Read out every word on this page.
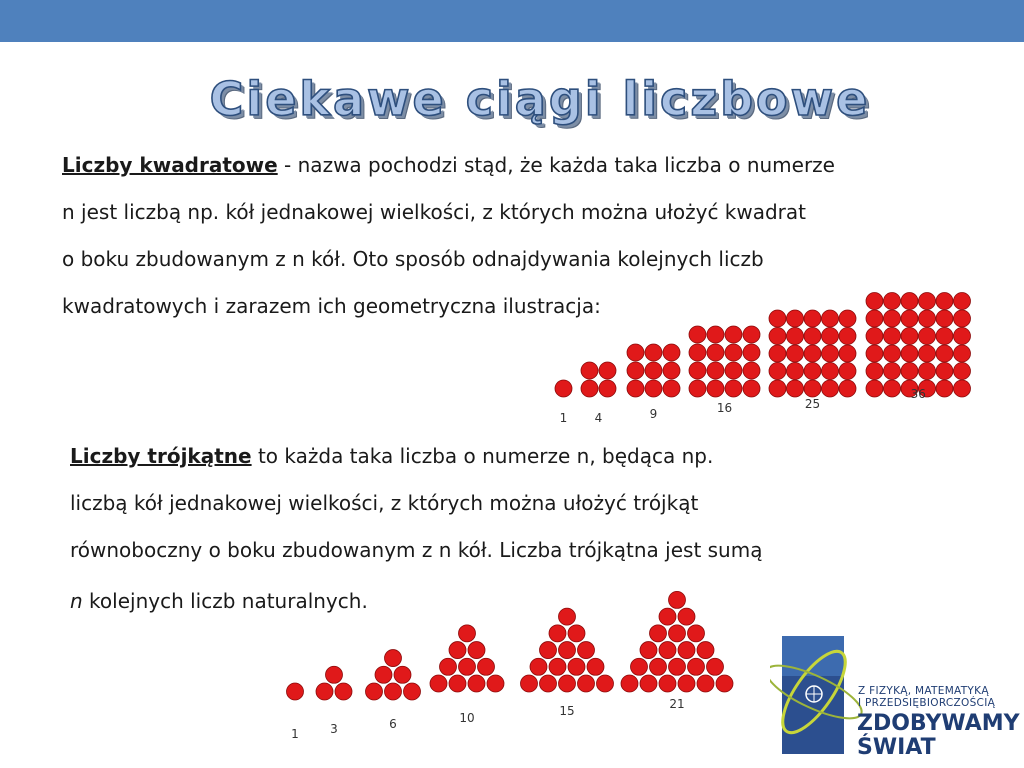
Ciekawe ciągi liczbowe

Liczby kwadratowe - nazwa pochodzi stąd, że każda taka liczba o numerze

n jest liczbą np. kół jednakowej wielkości, z których można ułożyć kwadrat

o boku zbudowanym z n kół. Oto sposób odnajdywania kolejnych liczb

kwadratowych i zarazem ich geometryczna ilustracja:

Liczby trójkątne to każda taka liczba o numerze n, będąca np.

liczbą kół jednakowej wielkości, z których można ułożyć trójkąt

równoboczny o boku zbudowanym z n kół. Liczba trójkątna jest sumą

n kolejnych liczb naturalnych.

1 4	9	16	25
36
1	3	6	10	15	21
Z FIZYKĄ, MATEMATYKĄ
I PRZEDSIĘBIORCZOŚCIĄ
ZDOBYWAMY
ŚWIAT
